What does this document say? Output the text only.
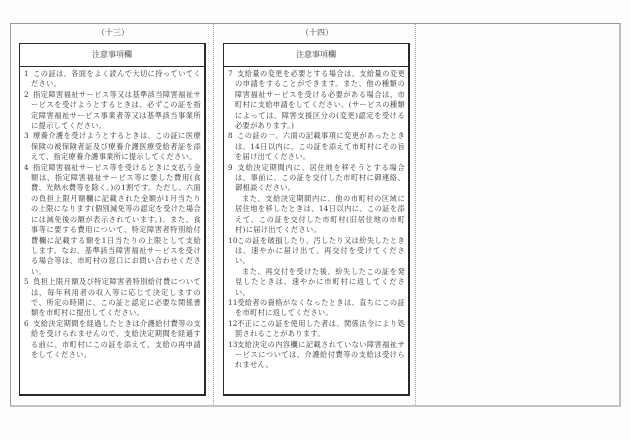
（十三）
注意事項欄
1 この証は、各面をよく読んで大切に持っていてください。
2 指定障害福祉サービス等又は基準該当障害福祉サービスを受けようとするときは、必ずこの証を指定障害福祉サービス事業者等又は基準該当事業所に提示してください。
3 療養介護を受けようとするときは、この証に医療保険の被保険者証及び療養介護医療受給者証を添えて、指定療養介護事業所に提示してください。
4 指定障害福祉サービス等を受けるときに支払う金額は、指定障害福祉サービス等に要した費用(食費、光熱水費等を除く。)の1割です。ただし、六面の負担上限月額欄に記載された金額が1月当たりの上限になります(個別減免等の認定を受けた場合には減免後の額が表示されています。)。また、食事等に要する費用について、特定障害者特別給付費欄に記載する額を1日当たりの上限として支給します。なお、基準該当障害福祉サービスを受ける場合等は、市町村の窓口にお問い合わせください。
5 負担上限月額及び特定障害者特別給付費については、毎年利用者の収入等に応じて決定しますので、所定の時期に、この証と認定に必要な関係書類を市町村に提出してください。
6 支給決定期間を経過したときは介護給付費等の支給を受けられませんので、支給決定期間を経過する前に、市町村にこの証を添えて、支給の再申請をしてください。
（十四）
注意事項欄
7 支給量の変更を必要とする場合は、支給量の変更の申請をすることができます。また、他の種類の障害福祉サービスを受ける必要がある場合は、市町村に支給申請をしてください。(サービスの種類によっては、障害支援区分の(変更)認定を受ける必要があります。)
8 この証の一、六面の記載事項に変更があったときは、14日以内に、この証を添えて市町村にその旨を届け出てください。
9 支給決定期間内に、居住地を移そうとする場合は、事前に、この証を交付した市町村に御連絡、御相談ください。
また、支給決定期間内に、他の市町村の区域に居住地を移したときは、14日以内に、この証を添えて、この証を交付した市町村(旧居住地の市町村)に届け出てください。
10この証を破損したり、汚したり又は紛失したときは、速やかに届け出て、再交付を受けてください。
また、再交付を受けた後、紛失したこの証を発見したときは、速やかに市町村に返してください。
11受給者の資格がなくなったときは、直ちにこの証を市町村に返してください。
12不正にこの証を使用した者は、関係法令により処罰されることがあります。
13支給決定の内容欄に記載されていない障害福祉サービスについては、介護給付費等の支給は受けられません。
